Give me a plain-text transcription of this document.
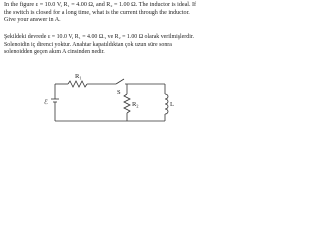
In the figure ε = 10.0 V, R₁ = 4.00 Ω, and R₂ = 1.00 Ω. The inductor is ideal. If the switch is closed for a long time, what is the current through the inductor. Give your answer in A.

Şekildeki devrede ε = 10.0 V, R₁ = 4.00 Ω., ve R₂ = 1.00 Ω olarak verilmişlerdir. Solenoidin iç direnci yoktur. Anahtar kapatıldıktan çok uzun süre sonra solenoidden geçen akım A cinsinden nedir.

ℰ
$R_1$
S
$R_2$	L
